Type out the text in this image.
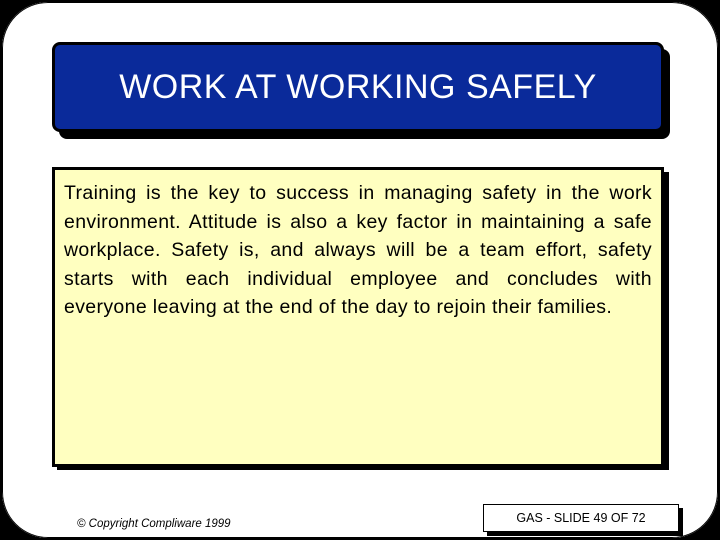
WORK AT WORKING SAFELY

Training is the key to success in managing safety in the work environment. Attitude is also a key factor in maintaining a safe workplace. Safety is, and always will be a team effort, safety starts with each individual employee and concludes with everyone leaving at the end of the day to rejoin their families.

© Copyright Compliware 1999	GAS - SLIDE 49 OF 72
